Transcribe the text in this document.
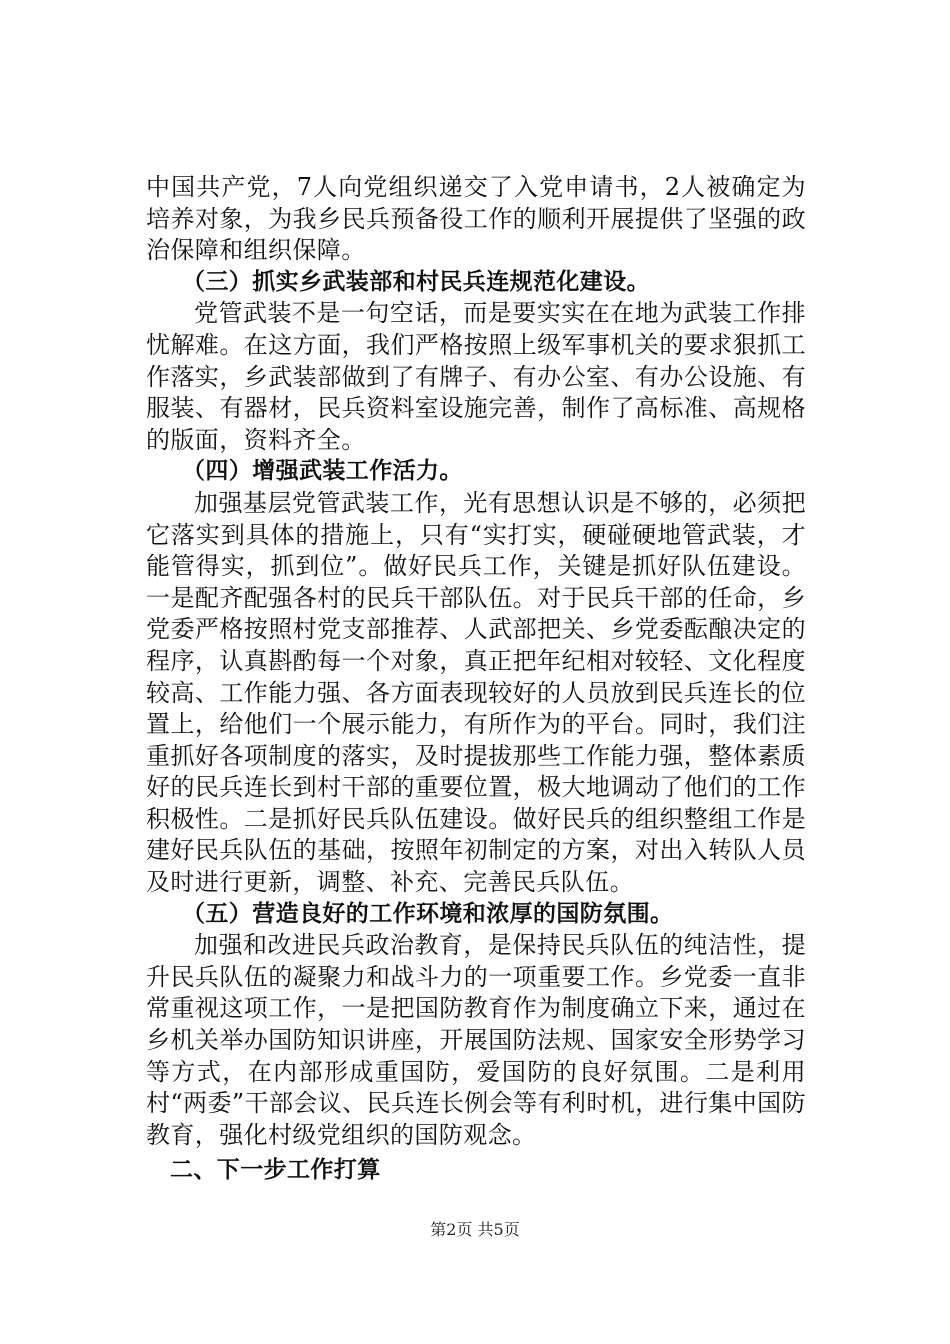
中国共产党，7人向党组织递交了入党申请书，2人被确定为培养对象，为我乡民兵预备役工作的顺利开展提供了坚强的政治保障和组织保障。

（三）抓实乡武装部和村民兵连规范化建设。

党管武装不是一句空话，而是要实实在在地为武装工作排忧解难。在这方面，我们严格按照上级军事机关的要求狠抓工作落实，乡武装部做到了有牌子、有办公室、有办公设施、有服装、有器材，民兵资料室设施完善，制作了高标准、高规格的版面，资料齐全。

（四）增强武装工作活力。

加强基层党管武装工作，光有思想认识是不够的，必须把它落实到具体的措施上，只有“实打实，硬碰硬地管武装，才能管得实，抓到位”。做好民兵工作，关键是抓好队伍建设。一是配齐配强各村的民兵干部队伍。对于民兵干部的任命，乡党委严格按照村党支部推荐、人武部把关、乡党委酝酿决定的程序，认真斟酌每一个对象，真正把年纪相对较轻、文化程度较高、工作能力强、各方面表现较好的人员放到民兵连长的位置上，给他们一个展示能力，有所作为的平台。同时，我们注重抓好各项制度的落实，及时提拔那些工作能力强，整体素质好的民兵连长到村干部的重要位置，极大地调动了他们的工作积极性。二是抓好民兵队伍建设。做好民兵的组织整组工作是建好民兵队伍的基础，按照年初制定的方案，对出入转队人员及时进行更新，调整、补充、完善民兵队伍。

（五）营造良好的工作环境和浓厚的国防氛围。

加强和改进民兵政治教育，是保持民兵队伍的纯洁性，提升民兵队伍的凝聚力和战斗力的一项重要工作。乡党委一直非常重视这项工作，一是把国防教育作为制度确立下来，通过在乡机关举办国防知识讲座，开展国防法规、国家安全形势学习等方式，在内部形成重国防，爱国防的良好氛围。二是利用村“两委”干部会议、民兵连长例会等有利时机，进行集中国防教育，强化村级党组织的国防观念。

二、下一步工作打算

第2页 共5页
